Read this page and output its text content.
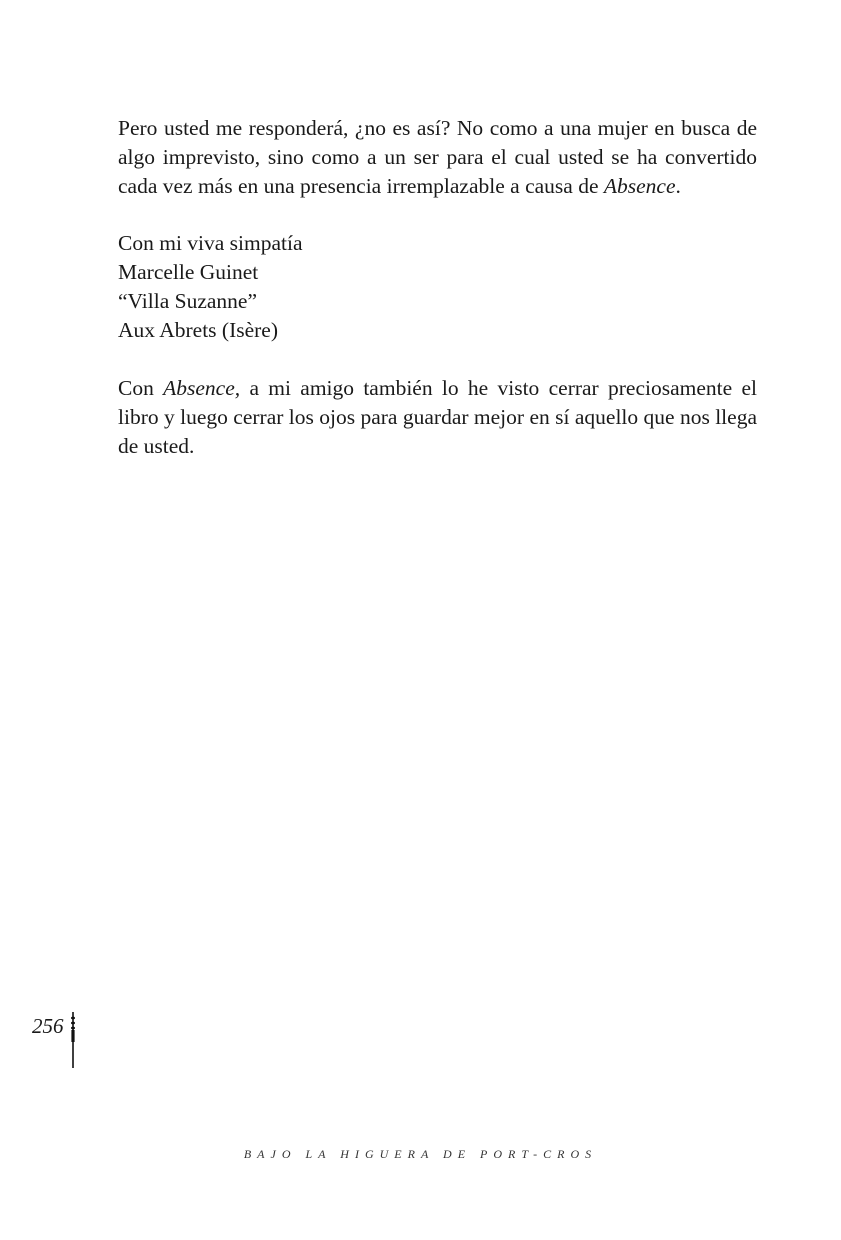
Pero usted me responderá, ¿no es así? No como a una mujer en busca de algo imprevisto, sino como a un ser para el cual usted se ha convertido cada vez más en una presencia irremplazable a causa de Absence.

Con mi viva simpatía
Marcelle Guinet
“Villa Suzanne”
Aux Abrets (Isère)

Con Absence, a mi amigo también lo he visto cerrar preciosamente el libro y luego cerrar los ojos para guardar mejor en sí aquello que nos llega de usted.

256
BAJO LA HIGUERA DE PORT-CROS
